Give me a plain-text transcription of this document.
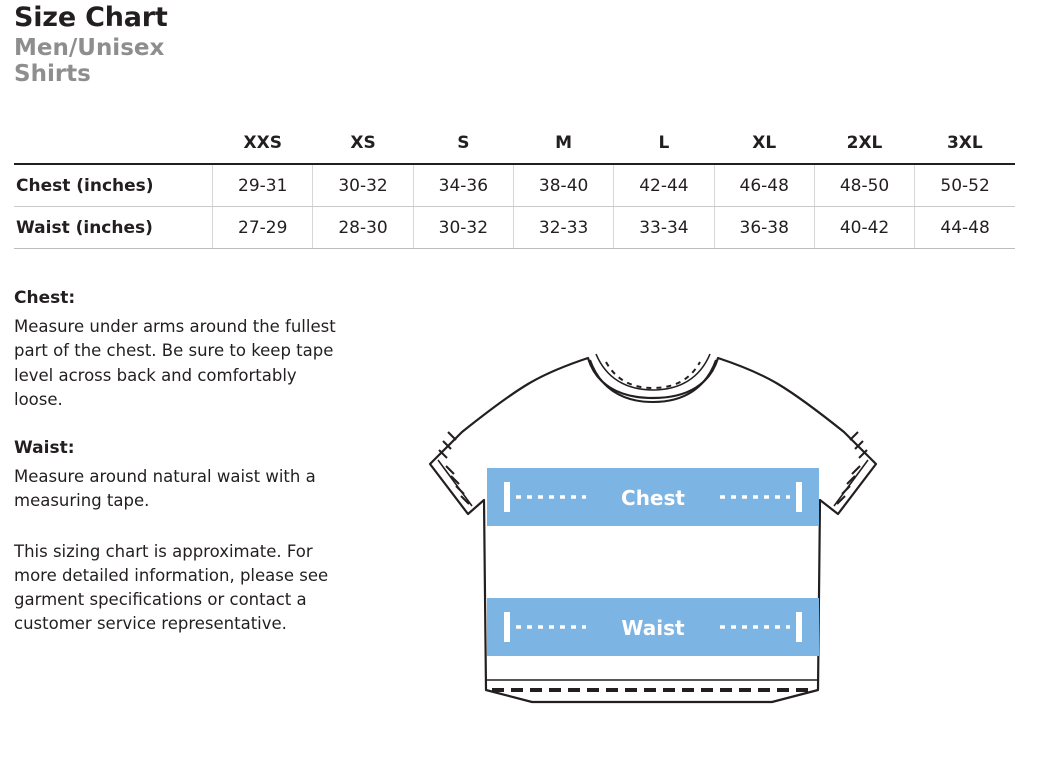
Size Chart
Men/Unisex
Shirts
	XXS	XS	S	M	L	XL	2XL	3XL
Chest (inches)	29-31	30-32	34-36	38-40	42-44	46-48	48-50	50-52
Waist (inches)	27-29	28-30	30-32	32-33	33-34	36-38	40-42	44-48

Chest:

Measure under arms around the fullest part of the chest. Be sure to keep tape level across back and comfortably loose.

Waist:

Measure around natural waist with a measuring tape.

This sizing chart is approximate. For more detailed information, please see garment specifications or contact a customer service representative.

Chest
Waist
